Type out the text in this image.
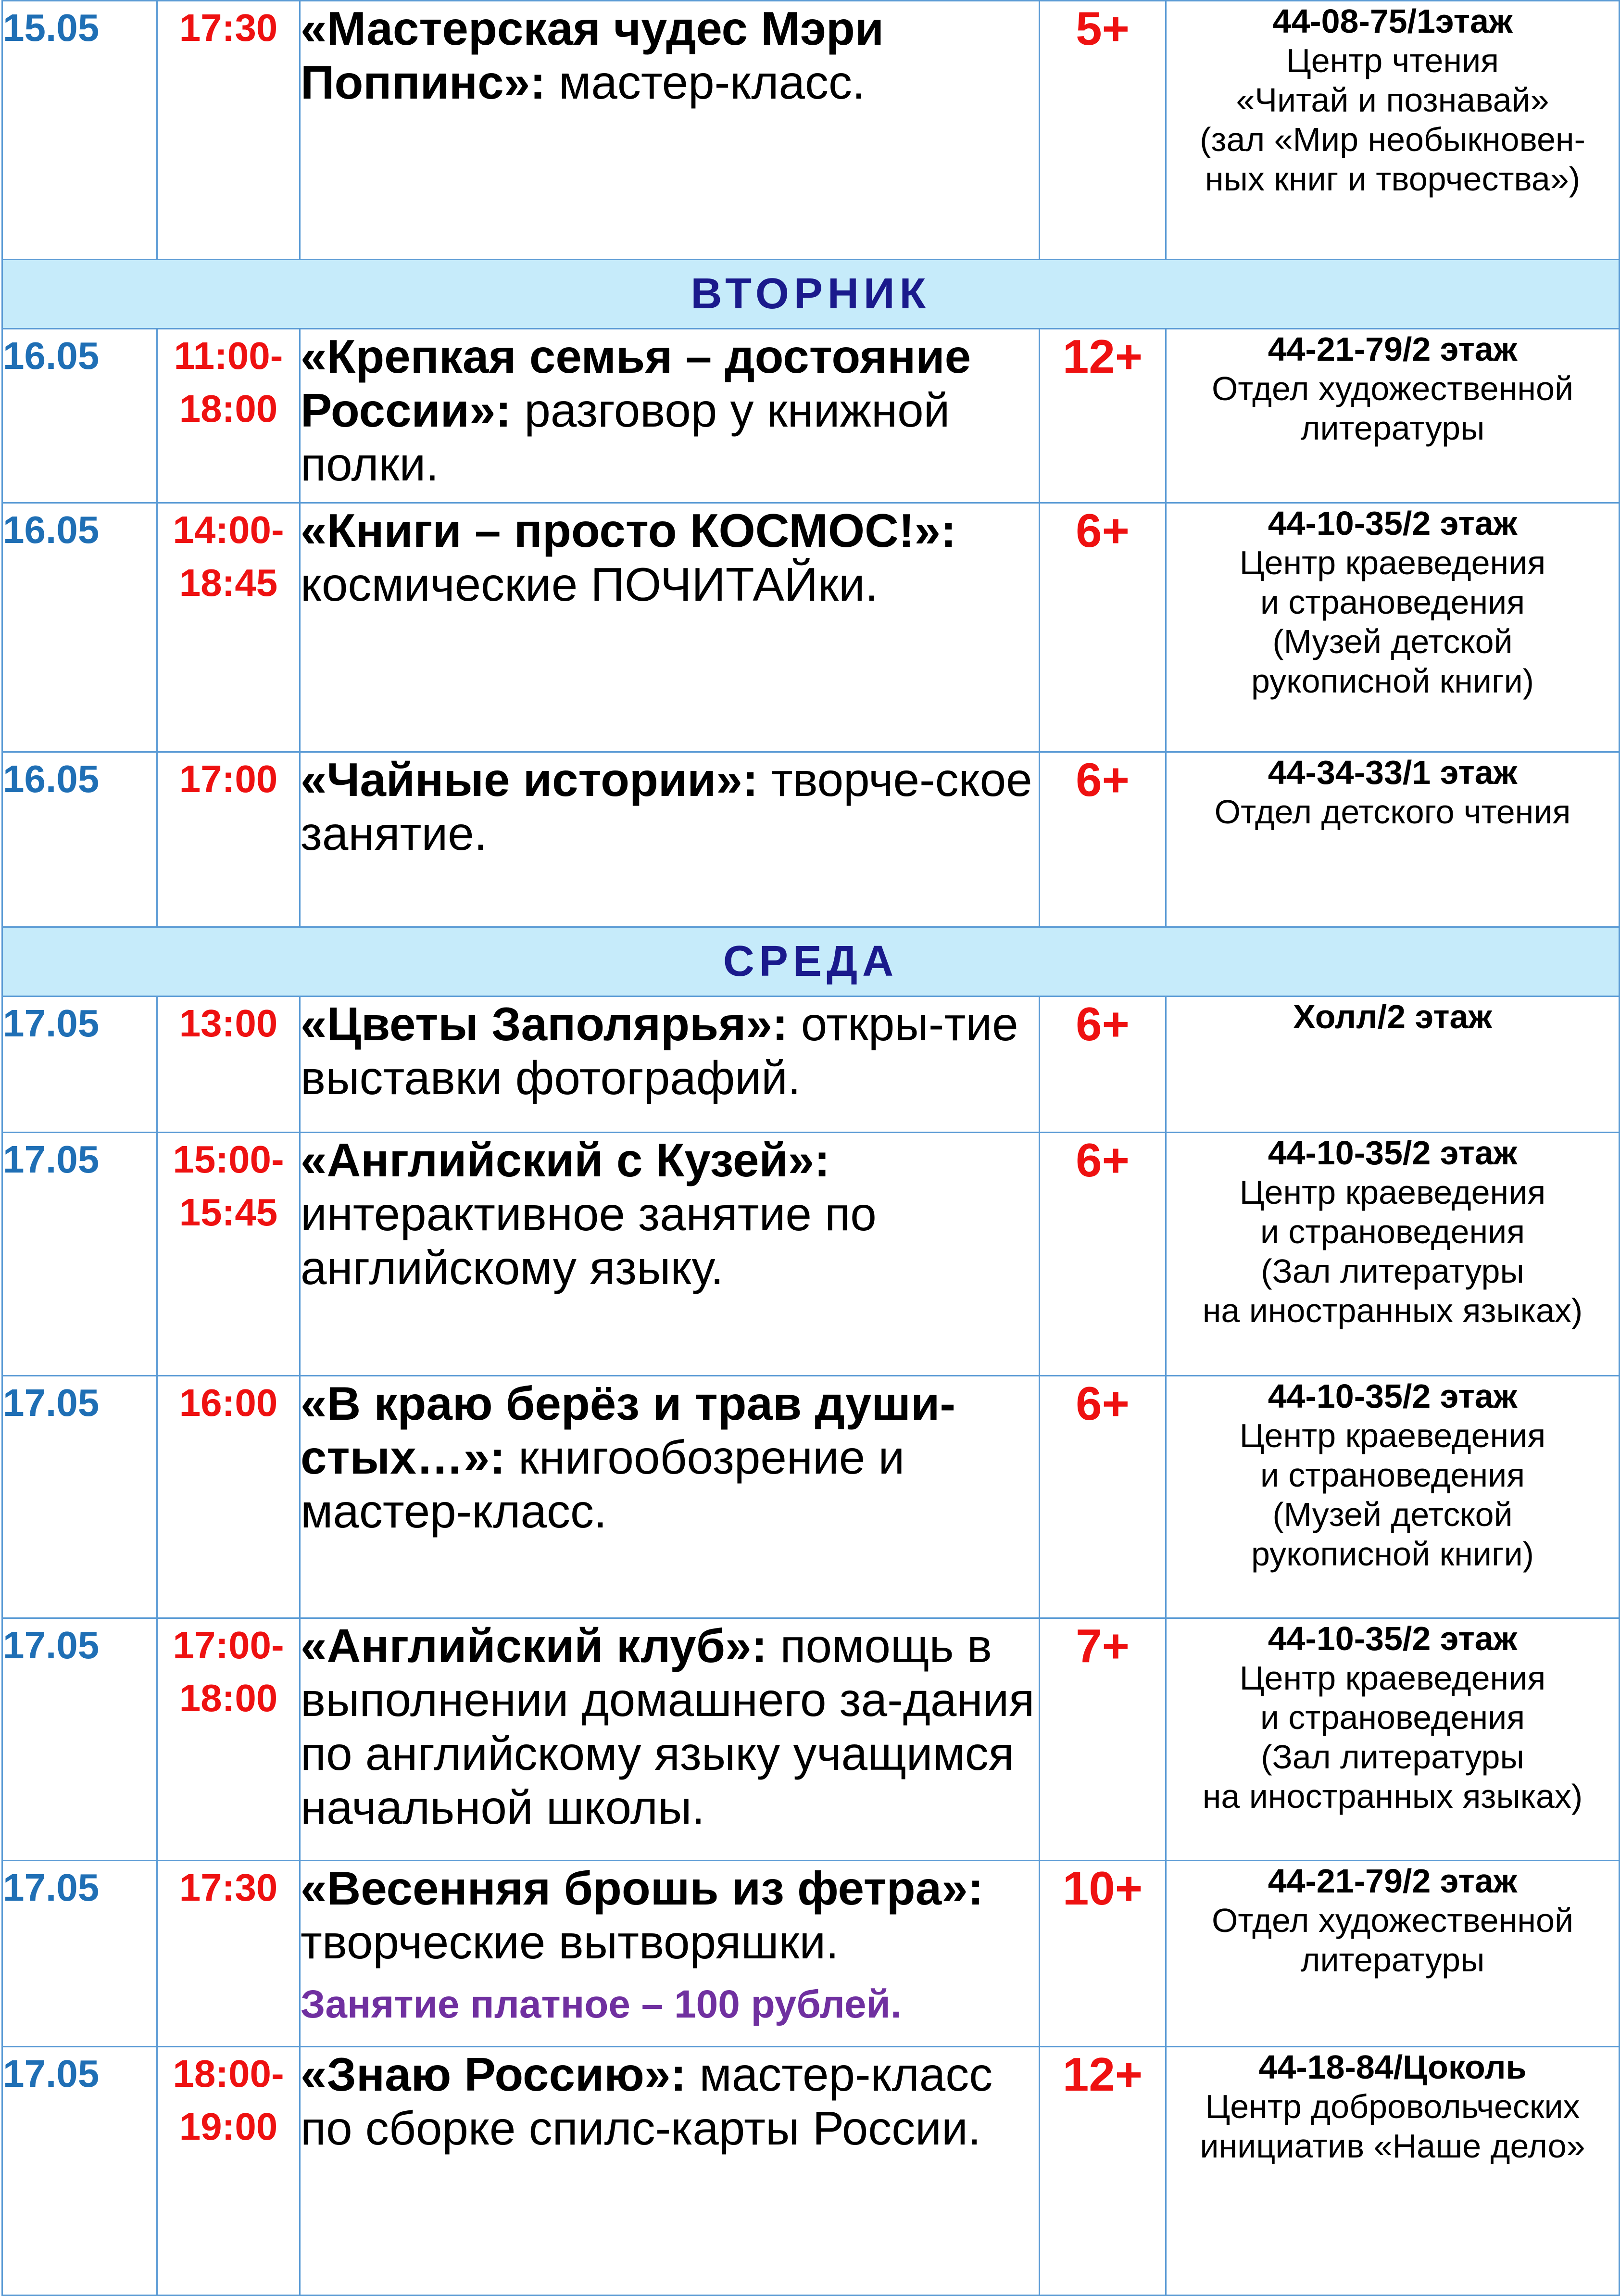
15.05	17:30	«Мастерская чудес Мэри Поппинс»: мастер-класс.	5+	44-08-75/1этаж
Центр чтения
«Читай и познавай»
(зал «Мир необыкновен-
ных книг и творчества»)

ВТОРНИК				
16.05	11:00-
18:00	«Крепкая семья – достояние России»: разговор у книжной полки.	12+	44-21-79/2 этаж
Отдел художественной
литературы

16.05	14:00-
18:45	«Книги – просто КОСМОС!»: космические ПОЧИТАЙки.	6+	44-10-35/2 этаж
Центр краеведения
и страноведения
(Музей детской
рукописной книги)

16.05	17:00	«Чайные истории»: творче-ское занятие.	6+	44-34-33/1 этаж
Отдел детского чтения

СРЕДА				
17.05	13:00	«Цветы Заполярья»: откры-тие выставки фотографий.	6+	Холл/2 этаж

17.05	15:00-
15:45	«Английский с Кузей»: интерактивное занятие по английскому языку.	6+	44-10-35/2 этаж
Центр краеведения
и страноведения
(Зал литературы
на иностранных языках)

17.05	16:00	«В краю берёз и трав души-стых…»: книгообозрение и мастер-класс.	6+	44-10-35/2 этаж
Центр краеведения
и страноведения
(Музей детской
рукописной книги)

17.05	17:00-
18:00	«Английский клуб»: помощь в выполнении домашнего за-дания по английскому языку учащимся начальной школы.	7+	44-10-35/2 этаж
Центр краеведения
и страноведения
(Зал литературы
на иностранных языках)

17.05	17:30	«Весенняя брошь из фетра»: творческие вытворяшки.
Занятие платное – 100 рублей.	10+	44-21-79/2 этаж
Отдел художественной
литературы

17.05	18:00-
19:00	«Знаю Россию»: мастер-класс по сборке спилс-карты России.	12+	44-18-84/Цоколь
Центр добровольческих
инициатив «Наше дело»
